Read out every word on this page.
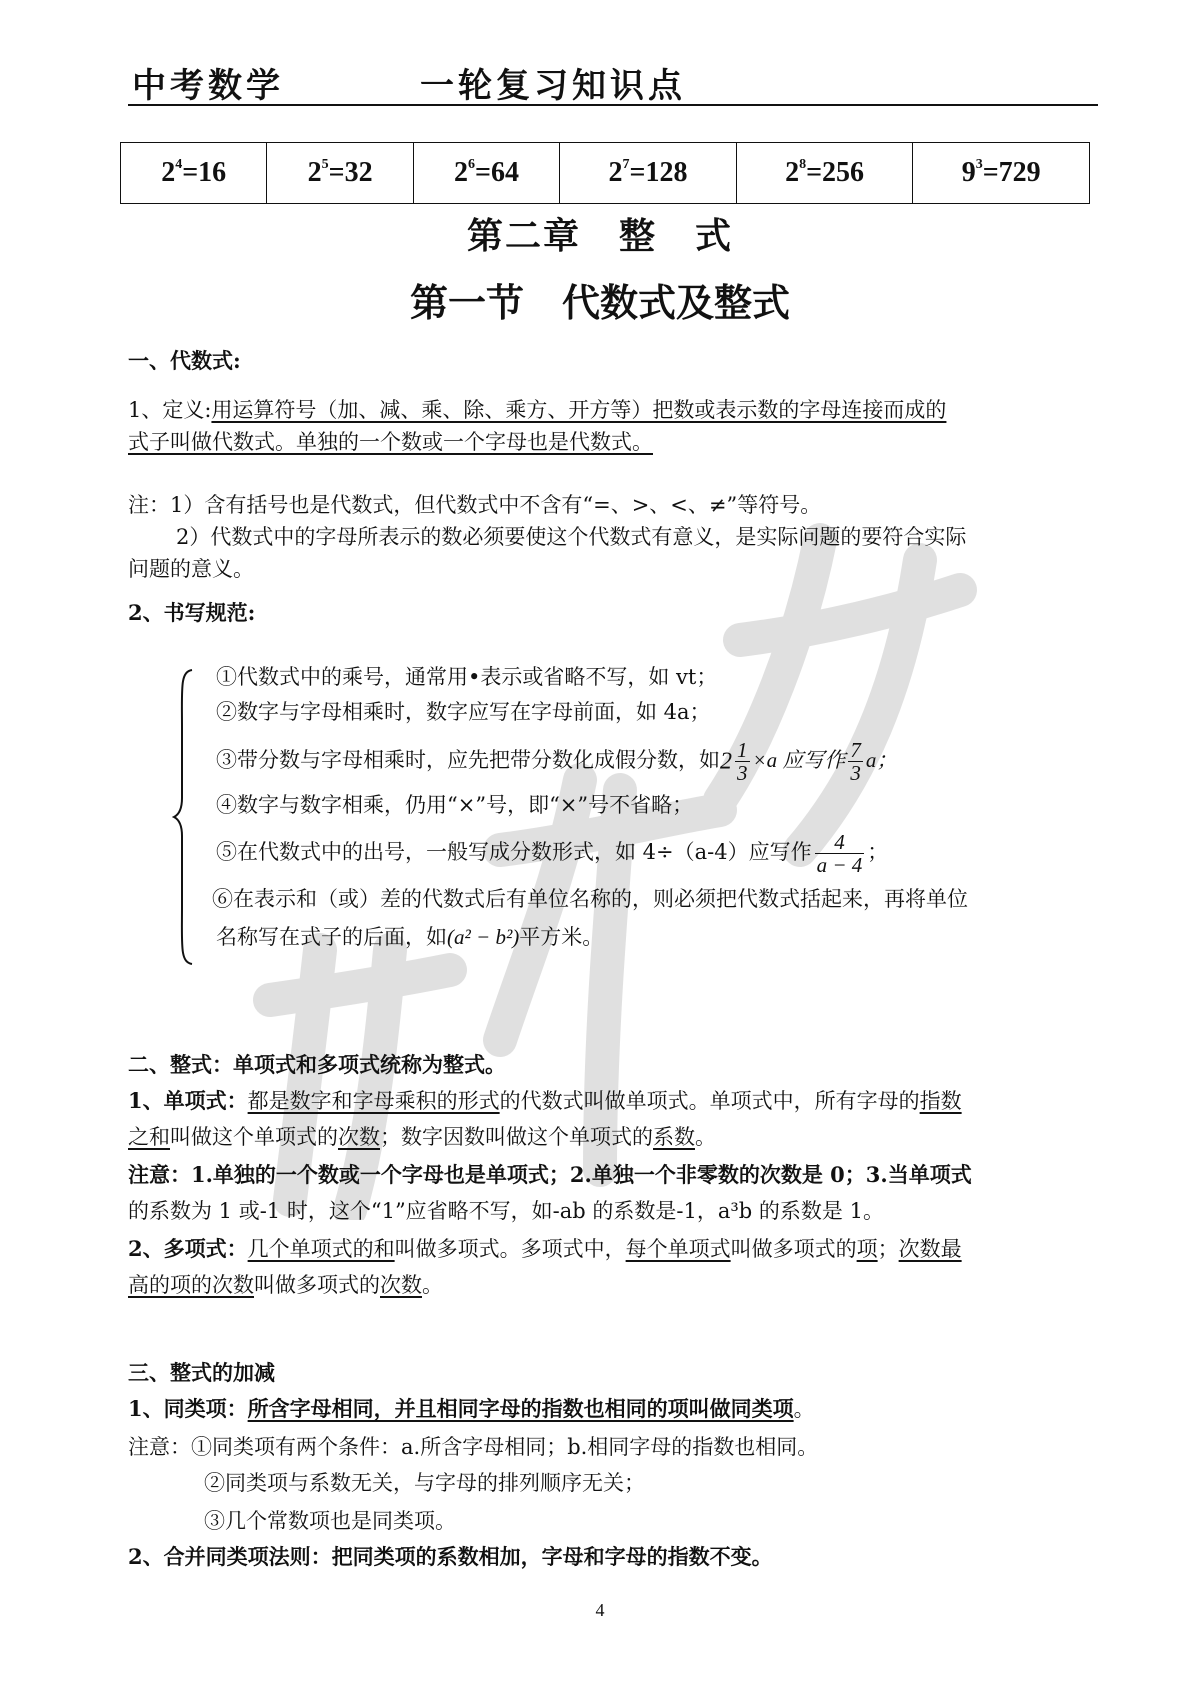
中考数学	一轮复习知识点
$2^4=16$	$2^5=32$	$2^6=64$	$2^7=128$	$2^8=256$	$9^3=729$
第二章　整　式
第一节　代数式及整式
一、代数式:
1、定义:用运算符号（加、减、乘、除、乘方、开方等）把数或表示数的字母连接而成的
式子叫做代数式。单独的一个数或一个字母也是代数式。
注：1）含有括号也是代数式，但代数式中不含有“=、>、<、≠”等符号。
2）代数式中的字母所表示的数必须要使这个代数式有意义，是实际问题的要符合实际
问题的意义。
2、书写规范:
①代数式中的乘号，通常用•表示或省略不写，如 vt；
②数字与字母相乘时，数字应写在字母前面，如 4a；
③带分数与字母相乘时，应先把带分数化成假分数，如$2 \frac{1}{3} \times a$ 应写作 $\frac{7}{3}$ a；
④数字与数字相乘，仍用“×”号，即“×”号不省略；
⑤在代数式中的出号，一般写成分数形式，如 4÷（a-4）应写作 $\frac{4}{a - 4}$ ；
⑥在表示和（或）差的代数式后有单位名称的，则必须把代数式括起来，再将单位
名称写在式子的后面，如(a² − b²)平方米。
二、整式：单项式和多项式统称为整式。
1、单项式：都是数字和字母乘积的形式的代数式叫做单项式。单项式中，所有字母的指数
之和叫做这个单项式的次数；数字因数叫做这个单项式的系数。
注意：1.单独的一个数或一个字母也是单项式；2.单独一个非零数的次数是 0；3.当单项式
的系数为 1 或-1 时，这个“1”应省略不写，如-ab 的系数是-1，a³b 的系数是 1。
2、多项式：几个单项式的和叫做多项式。多项式中，每个单项式叫做多项式的项；次数最
高的项的次数叫做多项式的次数。
三、整式的加减
1、同类项：所含字母相同，并且相同字母的指数也相同的项叫做同类项。
注意：①同类项有两个条件：a.所含字母相同；b.相同字母的指数也相同。
②同类项与系数无关，与字母的排列顺序无关；
③几个常数项也是同类项。
2、合并同类项法则：把同类项的系数相加，字母和字母的指数不变。
4
